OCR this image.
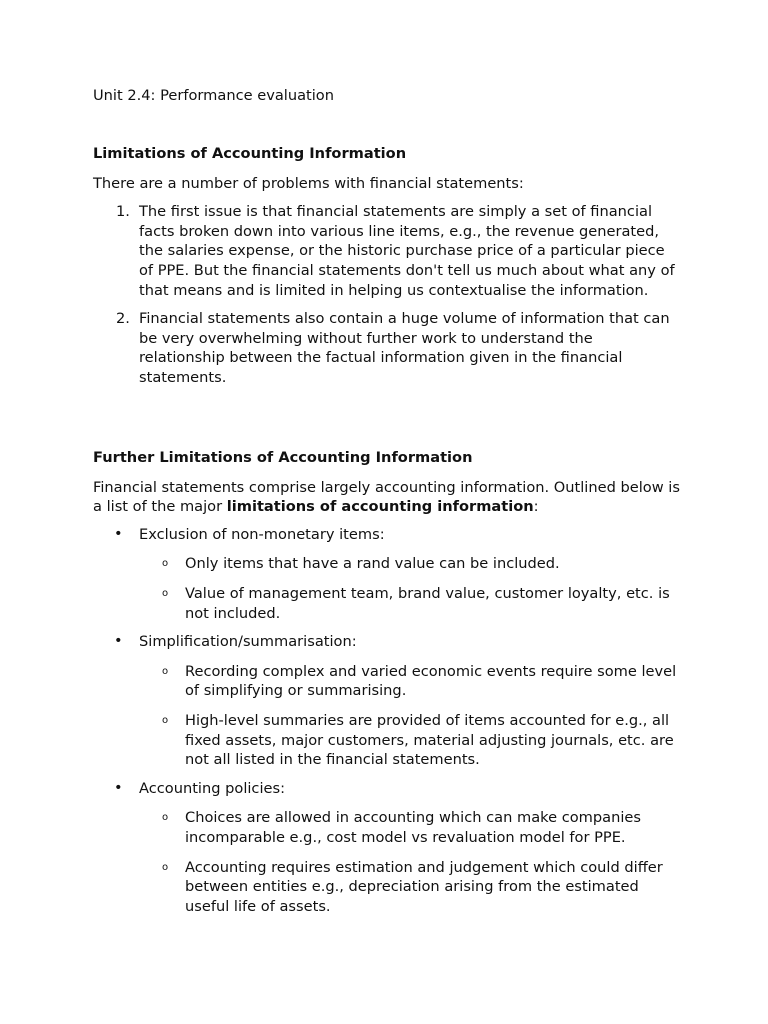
Unit 2.4: Performance evaluation

Limitations of Accounting Information

There are a number of problems with financial statements:

1. The first issue is that financial statements are simply a set of financial facts broken down into various line items, e.g., the revenue generated, the salaries expense, or the historic purchase price of a particular piece of PPE. But the financial statements don't tell us much about what any of that means and is limited in helping us contextualise the information.
2. Financial statements also contain a huge volume of information that can be very overwhelming without further work to understand the relationship between the factual information given in the financial statements.
Further Limitations of Accounting Information

Financial statements comprise largely accounting information. Outlined below is a list of the major limitations of accounting information:

• Exclusion of non-monetary items:
o Only items that have a rand value can be included.
o Value of management team, brand value, customer loyalty, etc. is not included.
• Simplification/summarisation:
o Recording complex and varied economic events require some level of simplifying or summarising.
o High-level summaries are provided of items accounted for e.g., all fixed assets, major customers, material adjusting journals, etc. are not all listed in the financial statements.
• Accounting policies:
o Choices are allowed in accounting which can make companies incomparable e.g., cost model vs revaluation model for PPE.
o Accounting requires estimation and judgement which could differ between entities e.g., depreciation arising from the estimated useful life of assets.
